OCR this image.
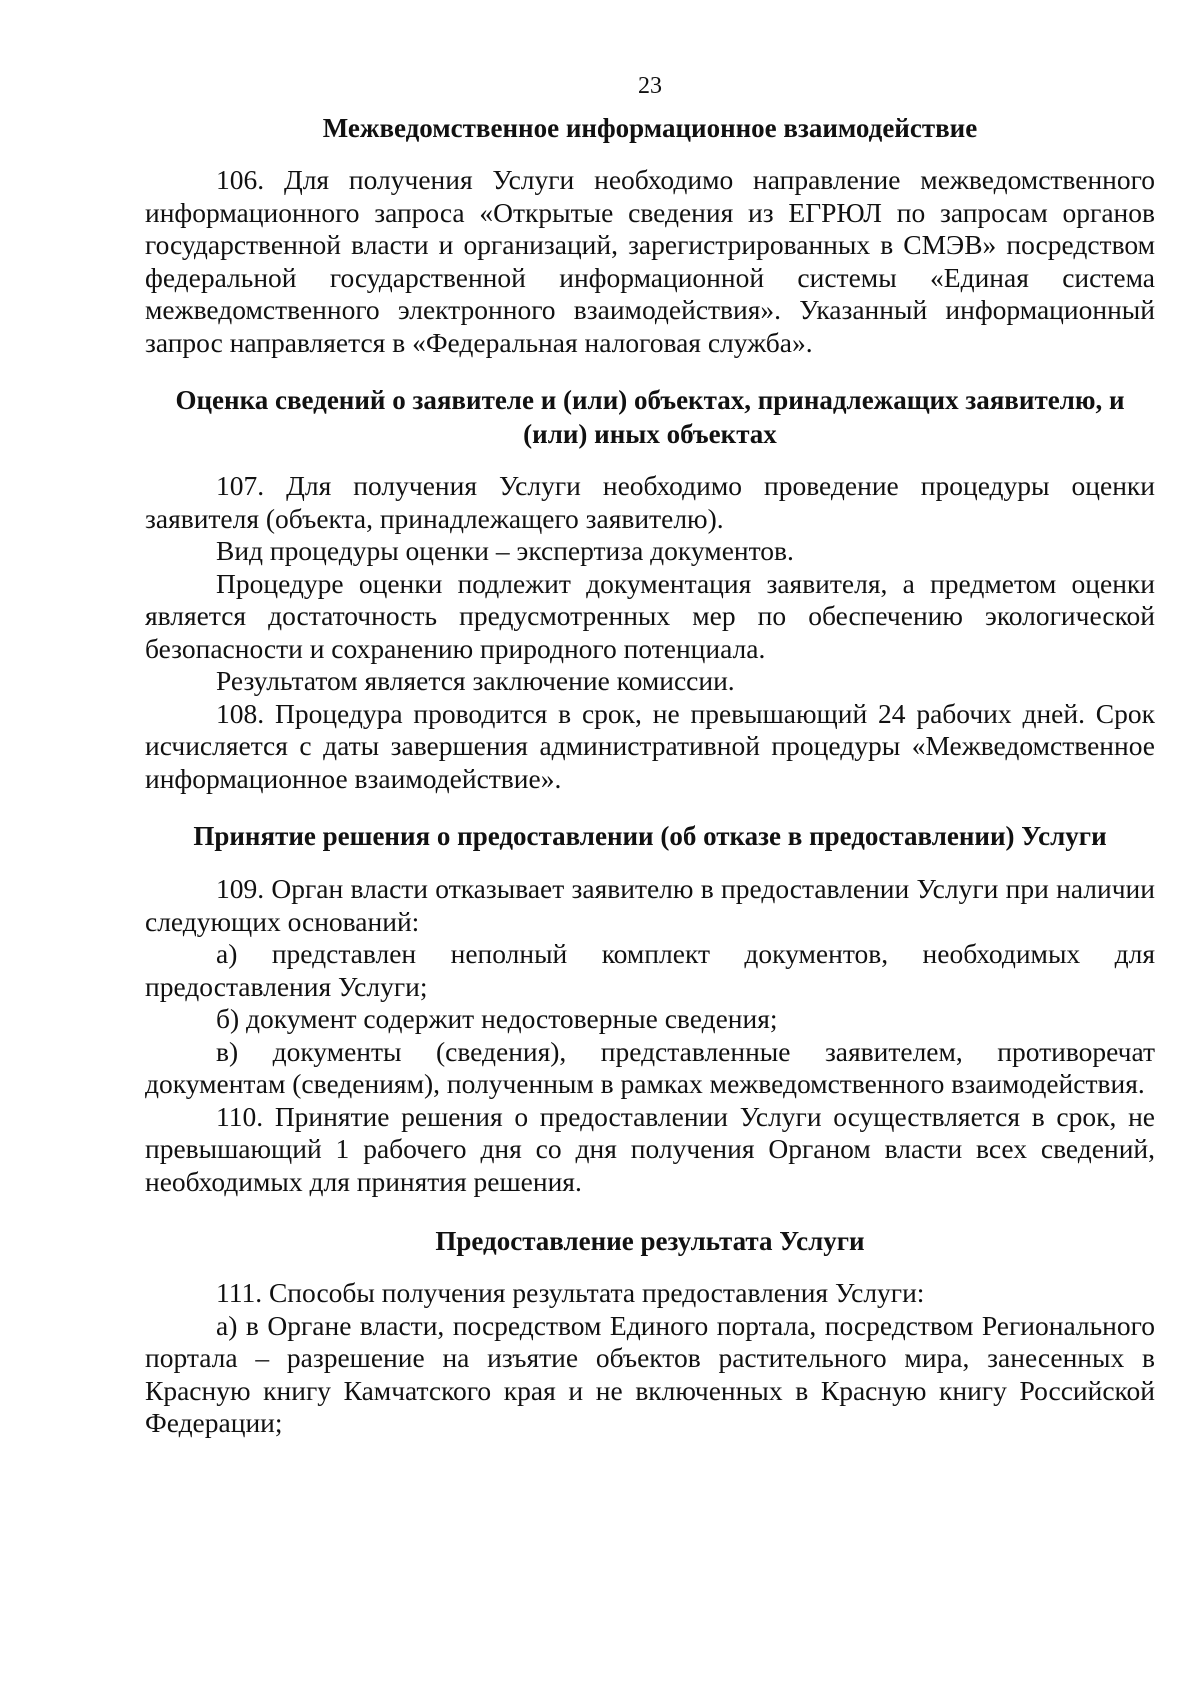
23
Межведомственное информационное взаимодействие

106. Для получения Услуги необходимо направление межведомственного информационного запроса «Открытые сведения из ЕГРЮЛ по запросам органов государственной власти и организаций, зарегистрированных в СМЭВ» посредством федеральной государственной информационной системы «Единая система межведомственного электронного взаимодействия». Указанный информационный запрос направляется в «Федеральная налоговая служба».

Оценка сведений о заявителе и (или) объектах, принадлежащих заявителю, и (или) иных объектах

107. Для получения Услуги необходимо проведение процедуры оценки заявителя (объекта, принадлежащего заявителю).

Вид процедуры оценки – экспертиза документов.

Процедуре оценки подлежит документация заявителя, а предметом оценки является достаточность предусмотренных мер по обеспечению экологической безопасности и сохранению природного потенциала.

Результатом является заключение комиссии.

108. Процедура проводится в срок, не превышающий 24 рабочих дней. Срок исчисляется с даты завершения административной процедуры «Межведомственное информационное взаимодействие».

Принятие решения о предоставлении (об отказе в предоставлении) Услуги

109. Орган власти отказывает заявителю в предоставлении Услуги при наличии следующих оснований:

а) представлен неполный комплект документов, необходимых для предоставления Услуги;

б) документ содержит недостоверные сведения;

в) документы (сведения), представленные заявителем, противоречат документам (сведениям), полученным в рамках межведомственного взаимодействия.

110. Принятие решения о предоставлении Услуги осуществляется в срок, не превышающий 1 рабочего дня со дня получения Органом власти всех сведений, необходимых для принятия решения.

Предоставление результата Услуги

111. Способы получения результата предоставления Услуги:

а) в Органе власти, посредством Единого портала, посредством Регионального портала – разрешение на изъятие объектов растительного мира, занесенных в Красную книгу Камчатского края и не включенных в Красную книгу Российской Федерации;
